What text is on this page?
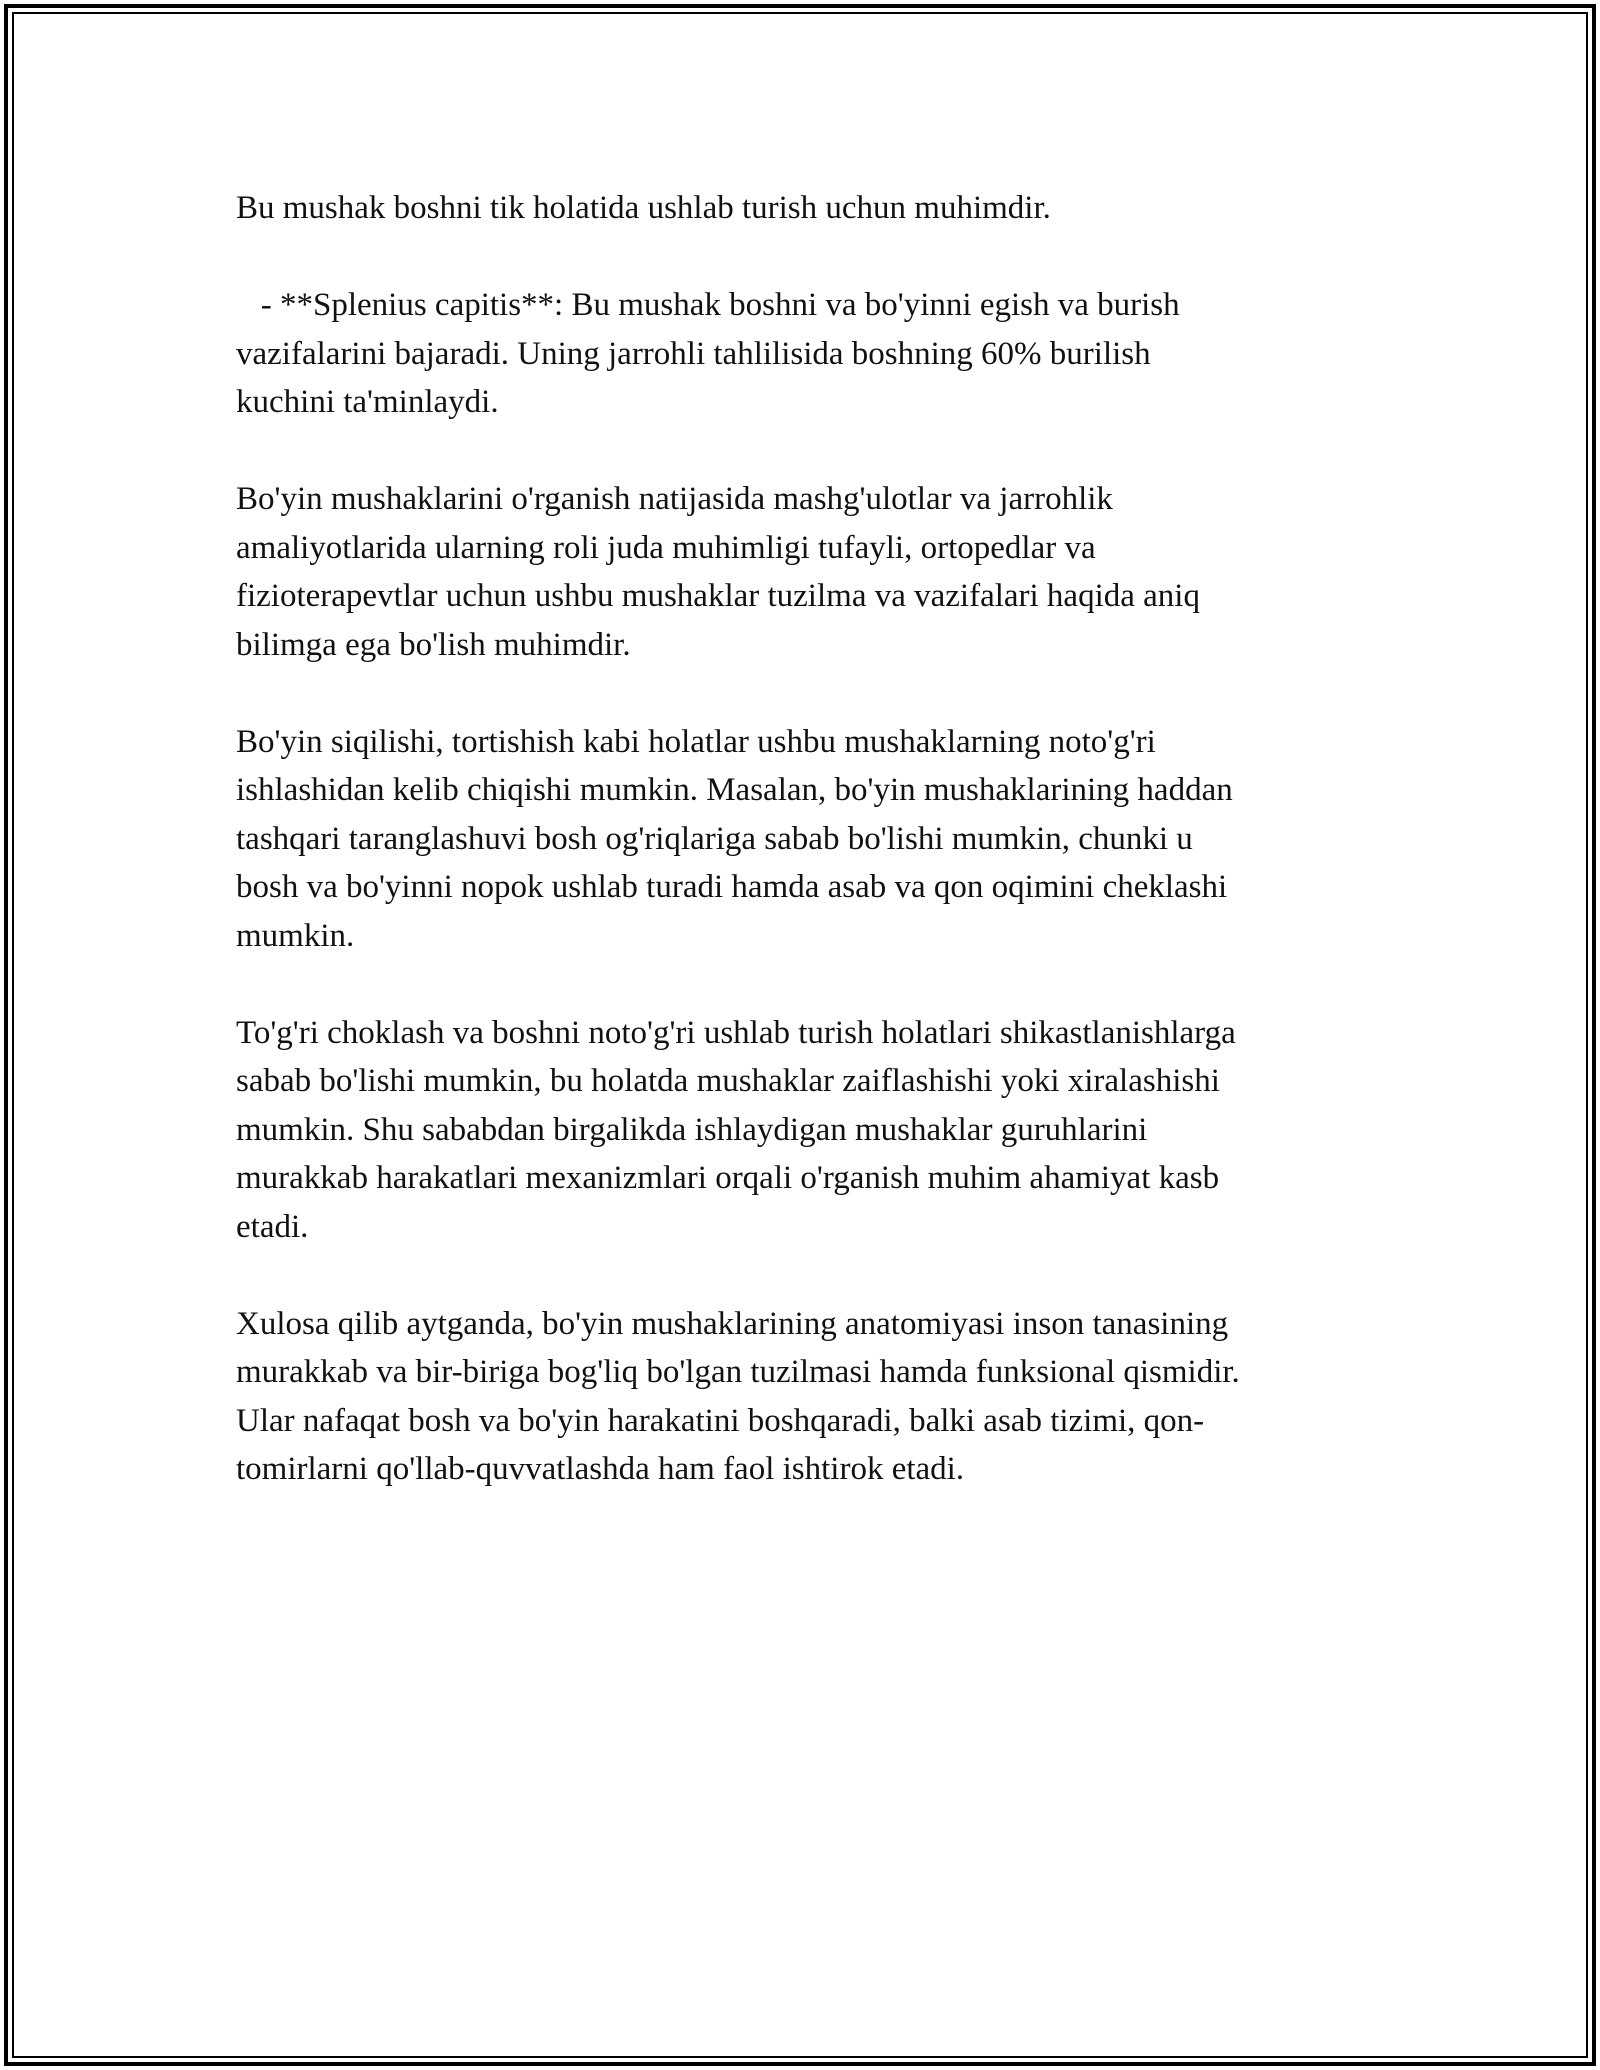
Bu mushak boshni tik holatida ushlab turish uchun muhimdir.

- **Splenius capitis**: Bu mushak boshni va bo'yinni egish va burish
vazifalarini bajaradi. Uning jarrohli tahlilisida boshning 60% burilish
kuchini ta'minlaydi.

Bo'yin mushaklarini o'rganish natijasida mashg'ulotlar va jarrohlik
amaliyotlarida ularning roli juda muhimligi tufayli, ortopedlar va
fizioterapevtlar uchun ushbu mushaklar tuzilma va vazifalari haqida aniq
bilimga ega bo'lish muhimdir.

Bo'yin siqilishi, tortishish kabi holatlar ushbu mushaklarning noto'g'ri
ishlashidan kelib chiqishi mumkin. Masalan, bo'yin mushaklarining haddan
tashqari taranglashuvi bosh og'riqlariga sabab bo'lishi mumkin, chunki u
bosh va bo'yinni nopok ushlab turadi hamda asab va qon oqimini cheklashi
mumkin.

To'g'ri choklash va boshni noto'g'ri ushlab turish holatlari shikastlanishlarga
sabab bo'lishi mumkin, bu holatda mushaklar zaiflashishi yoki xiralashishi
mumkin. Shu sababdan birgalikda ishlaydigan mushaklar guruhlarini
murakkab harakatlari mexanizmlari orqali o'rganish muhim ahamiyat kasb
etadi.

Xulosa qilib aytganda, bo'yin mushaklarining anatomiyasi inson tanasining
murakkab va bir-biriga bog'liq bo'lgan tuzilmasi hamda funksional qismidir.
Ular nafaqat bosh va bo'yin harakatini boshqaradi, balki asab tizimi, qon-
tomirlarni qo'llab-quvvatlashda ham faol ishtirok etadi.
